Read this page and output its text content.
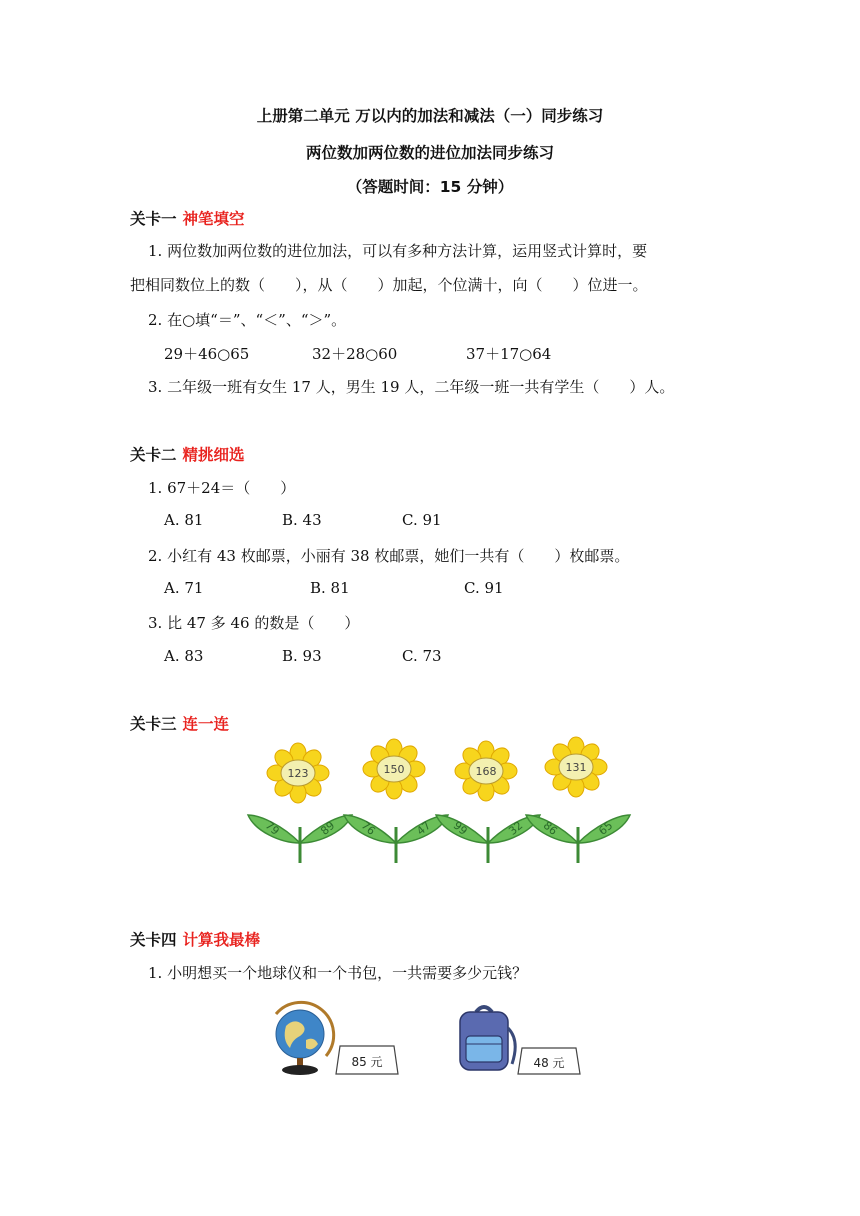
上册第二单元 万以内的加法和减法（一）同步练习
两位数加两位数的进位加法同步练习
（答题时间：15 分钟）
关卡一 神笔填空
1. 两位数加两位数的进位加法，可以有多种方法计算，运用竖式计算时，要
把相同数位上的数（　　），从（　　）加起，个位满十，向（　　）位进一。
2. 在○填“＝”、“＜”、“＞”。
29＋46○65	32＋28○60	37＋17○64
3. 二年级一班有女生 17 人，男生 19 人，二年级一班一共有学生（　　）人。
关卡二 精挑细选
1. 67＋24＝（　　）
A. 81	B. 43	C. 91
2. 小红有 43 枚邮票，小丽有 38 枚邮票，她们一共有（　　）枚邮票。
A. 71	B. 81	C. 91
3. 比 47 多 46 的数是（　　）
A. 83	B. 93	C. 73
关卡三 连一连
123	150	168	131
79	89 76	47 99	32 86	65
关卡四 计算我最棒
1. 小明想买一个地球仪和一个书包，一共需要多少元钱？
85 元	48 元
